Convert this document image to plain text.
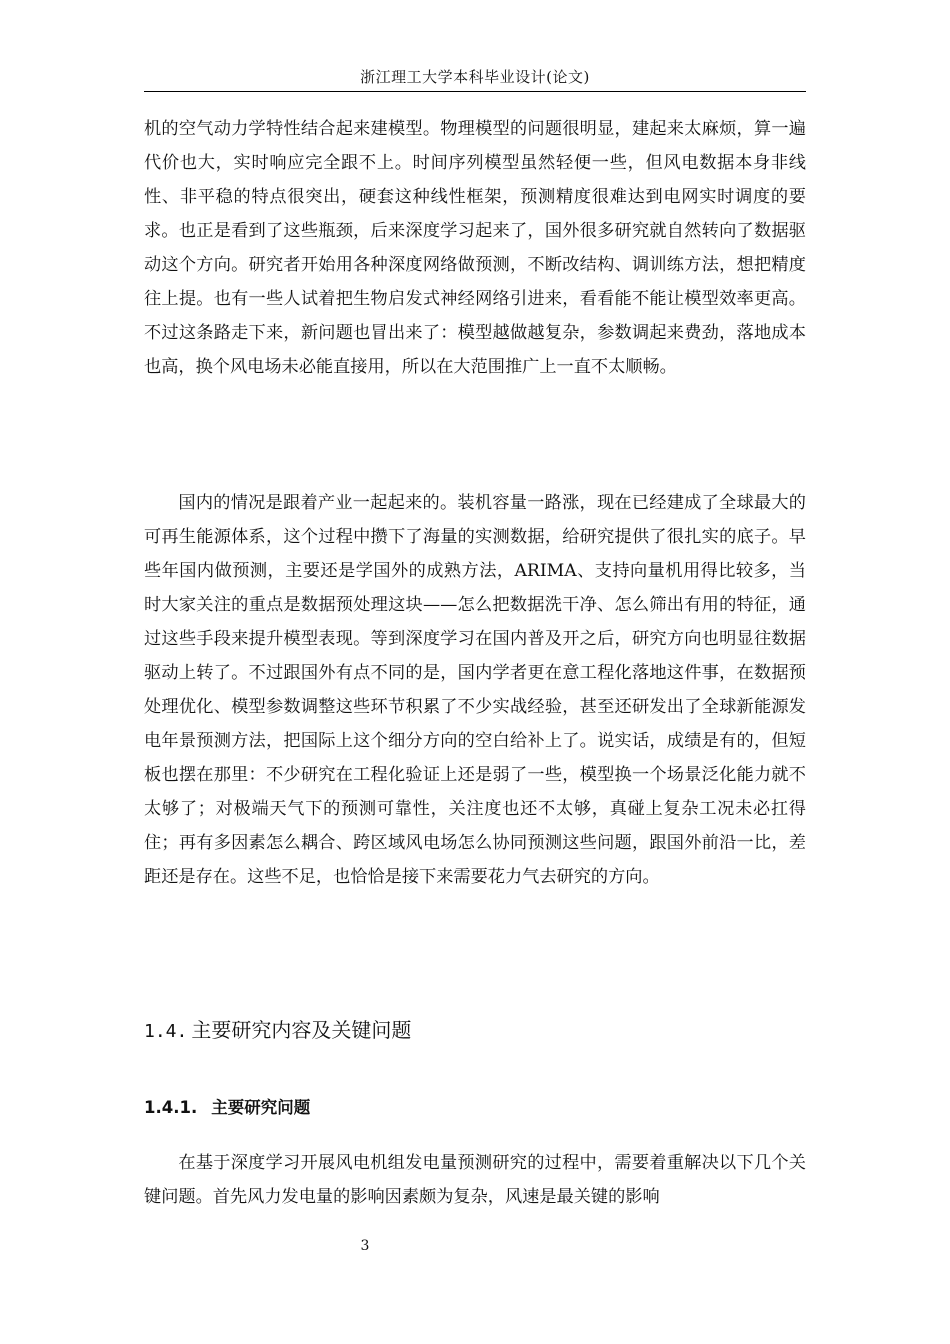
浙江理工大学本科毕业设计(论文)
机的空气动力学特性结合起来建模型。物理模型的问题很明显，建起来太麻烦，算一遍代价也大，实时响应完全跟不上。时间序列模型虽然轻便一些，但风电数据本身非线性、非平稳的特点很突出，硬套这种线性框架，预测精度很难达到电网实时调度的要求。也正是看到了这些瓶颈，后来深度学习起来了，国外很多研究就自然转向了数据驱动这个方向。研究者开始用各种深度网络做预测，不断改结构、调训练方法，想把精度往上提。也有一些人试着把生物启发式神经网络引进来，看看能不能让模型效率更高。不过这条路走下来，新问题也冒出来了：模型越做越复杂，参数调起来费劲，落地成本也高，换个风电场未必能直接用，所以在大范围推广上一直不太顺畅。
国内的情况是跟着产业一起起来的。装机容量一路涨，现在已经建成了全球最大的可再生能源体系，这个过程中攒下了海量的实测数据，给研究提供了很扎实的底子。早些年国内做预测，主要还是学国外的成熟方法，ARIMA、支持向量机用得比较多，当时大家关注的重点是数据预处理这块——怎么把数据洗干净、怎么筛出有用的特征，通过这些手段来提升模型表现。等到深度学习在国内普及开之后，研究方向也明显往数据驱动上转了。不过跟国外有点不同的是，国内学者更在意工程化落地这件事，在数据预处理优化、模型参数调整这些环节积累了不少实战经验，甚至还研发出了全球新能源发电年景预测方法，把国际上这个细分方向的空白给补上了。说实话，成绩是有的，但短板也摆在那里：不少研究在工程化验证上还是弱了一些，模型换一个场景泛化能力就不太够了；对极端天气下的预测可靠性，关注度也还不太够，真碰上复杂工况未必扛得住；再有多因素怎么耦合、跨区域风电场怎么协同预测这些问题，跟国外前沿一比，差距还是存在。这些不足，也恰恰是接下来需要花力气去研究的方向。
1.4. 主要研究内容及关键问题
1.4.1. 主要研究问题
在基于深度学习开展风电机组发电量预测研究的过程中，需要着重解决以下几个关键问题。首先风力发电量的影响因素颇为复杂，风速是最关键的影响
3
